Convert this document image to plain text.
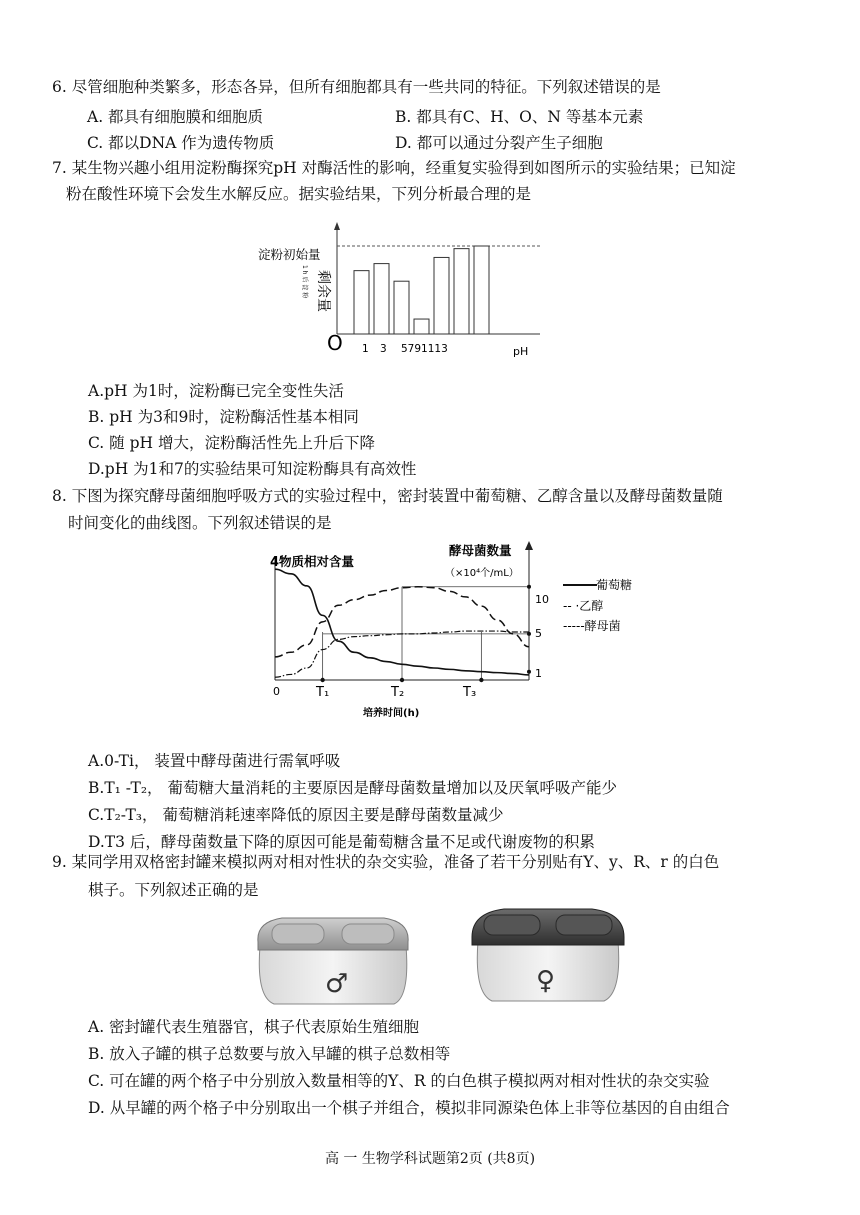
6. 尽管细胞种类繁多，形态各异，但所有细胞都具有一些共同的特征。下列叙述错误的是
A. 都具有细胞膜和细胞质	B. 都具有C、H、O、N 等基本元素
C. 都以DNA 作为遗传物质	D. 都可以通过分裂产生子细胞
7. 某生物兴趣小组用淀粉酶探究pH 对酶活性的影响，经重复实验得到如图所示的实验结果；已知淀
粉在酸性环境下会发生水解反应。据实验结果，下列分析最合理的是
淀粉初始量
1 h 后 淀 粉 剩余量
O 1 3 5791113	pH
A.pH 为1时，淀粉酶已完全变性失活
B. pH 为3和9时，淀粉酶活性基本相同
C. 随 pH 增大，淀粉酶活性先上升后下降
D.pH 为1和7的实验结果可知淀粉酶具有高效性
8. 下图为探究酵母菌细胞呼吸方式的实验过程中，密封装置中葡萄糖、乙醇含量以及酵母菌数量随
时间变化的曲线图。下列叙述错误的是
4 物质相对含量
酵母菌数量
（×10⁴个/mL）
10
5
1
0	T₁	T₂	T₃
培养时间(h)
葡萄糖
-- ·乙醇
-----酵母菌
A.0-Ti， 装置中酵母菌进行需氧呼吸
B.T₁ -T₂， 葡萄糖大量消耗的主要原因是酵母菌数量增加以及厌氧呼吸产能少
C.T₂-T₃， 葡萄糖消耗速率降低的原因主要是酵母菌数量减少
D.T3 后，酵母菌数量下降的原因可能是葡萄糖含量不足或代谢废物的积累
9. 某同学用双格密封罐来模拟两对相对性状的杂交实验，准备了若干分别贴有Y、y、R、r 的白色
棋子。下列叙述正确的是
♂	♀
A. 密封罐代表生殖器官，棋子代表原始生殖细胞
B. 放入子罐的棋子总数要与放入早罐的棋子总数相等
C. 可在罐的两个格子中分别放入数量相等的Y、R 的白色棋子模拟两对相对性状的杂交实验
D. 从早罐的两个格子中分别取出一个棋子并组合，模拟非同源染色体上非等位基因的自由组合
高 一 生物学科试题第2页 (共8页)
